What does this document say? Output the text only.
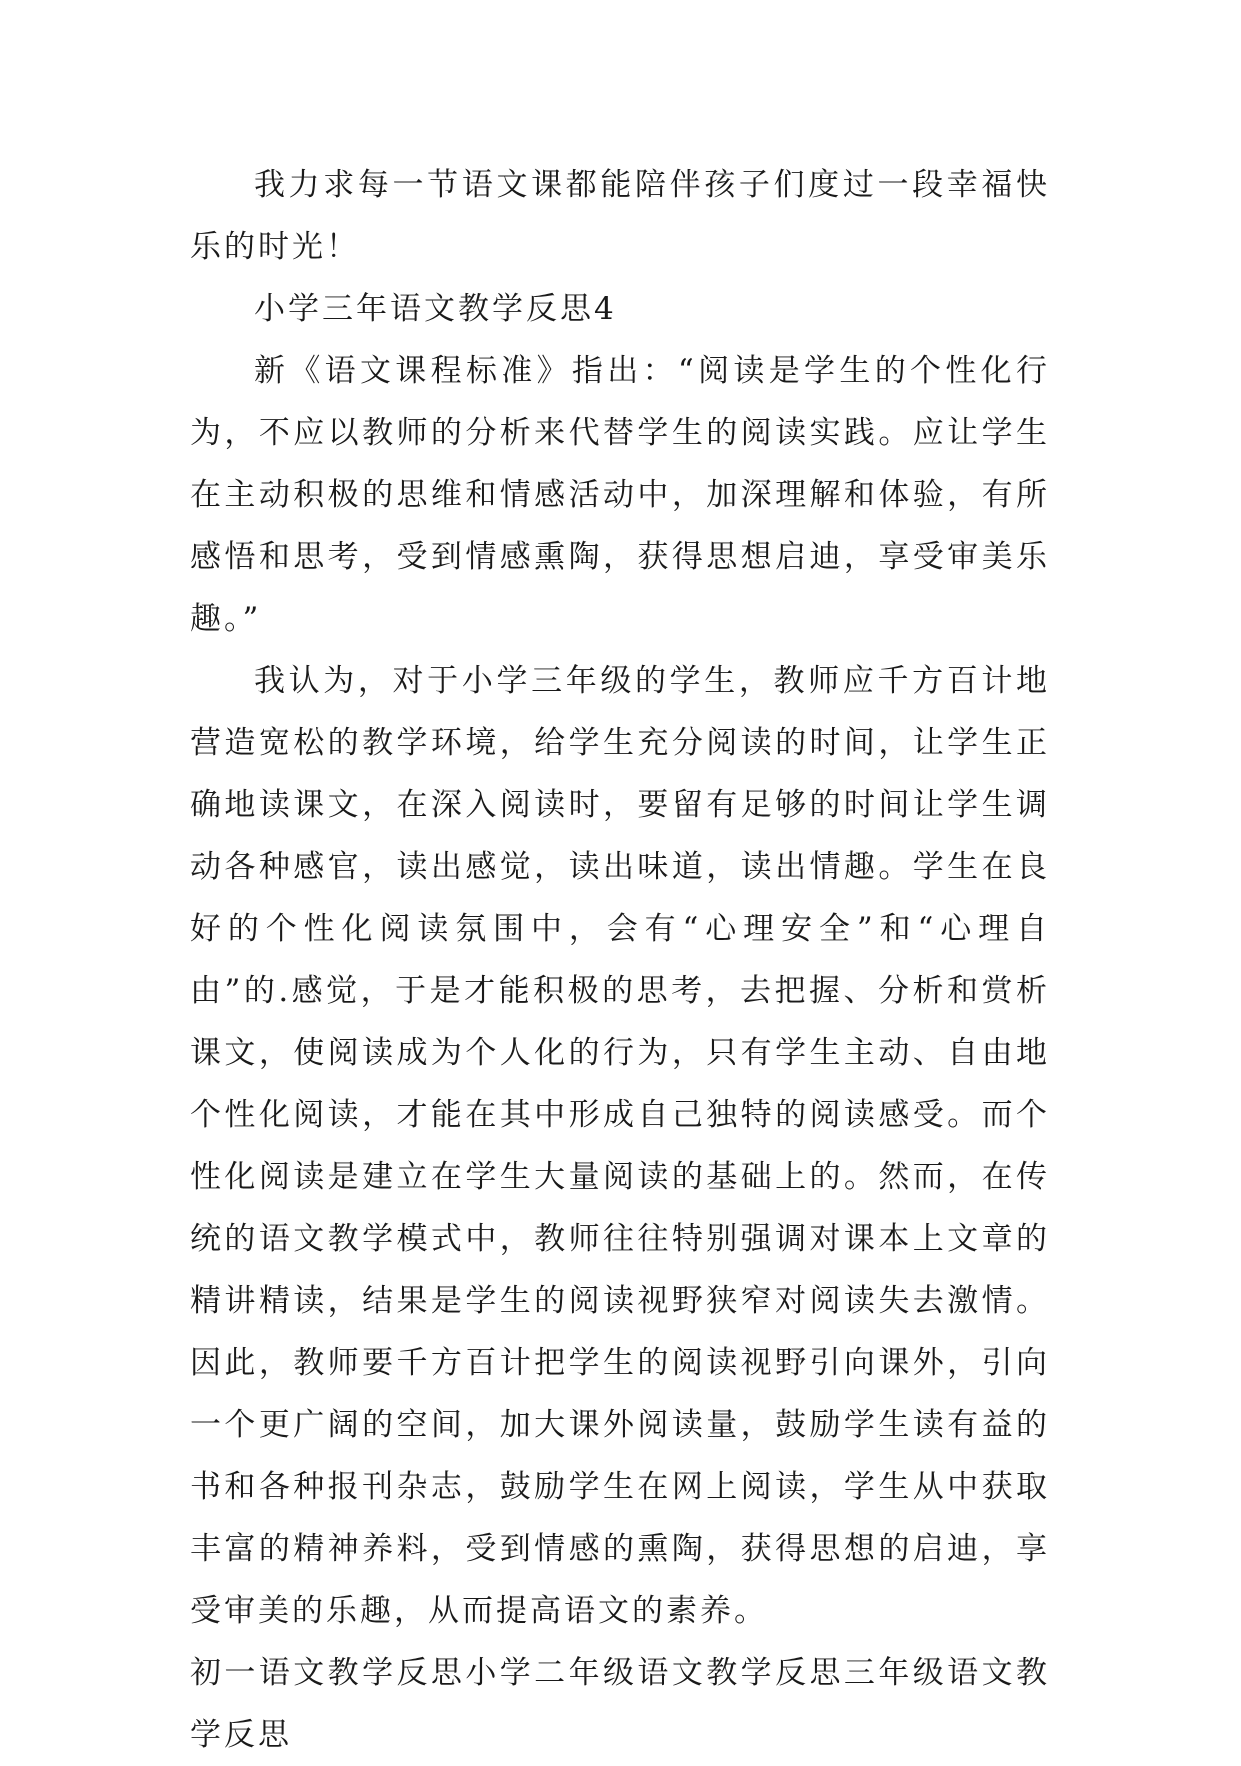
我力求每一节语文课都能陪伴孩子们度过一段幸福快乐的时光！

小学三年语文教学反思4

新《语文课程标准》指出：“阅读是学生的个性化行为，不应以教师的分析来代替学生的阅读实践。应让学生在主动积极的思维和情感活动中，加深理解和体验，有所感悟和思考，受到情感熏陶，获得思想启迪，享受审美乐趣。”

我认为，对于小学三年级的学生，教师应千方百计地营造宽松的教学环境，给学生充分阅读的时间，让学生正确地读课文，在深入阅读时，要留有足够的时间让学生调动各种感官，读出感觉，读出味道，读出情趣。学生在良好的个性化阅读氛围中，会有“心理安全”和“心理自由”的.感觉，于是才能积极的思考，去把握、分析和赏析课文，使阅读成为个人化的行为，只有学生主动、自由地个性化阅读，才能在其中形成自己独特的阅读感受。而个性化阅读是建立在学生大量阅读的基础上的。然而，在传统的语文教学模式中，教师往往特别强调对课本上文章的精讲精读，结果是学生的阅读视野狭窄对阅读失去激情。因此，教师要千方百计把学生的阅读视野引向课外，引向一个更广阔的空间，加大课外阅读量，鼓励学生读有益的书和各种报刊杂志，鼓励学生在网上阅读，学生从中获取丰富的精神养料，受到情感的熏陶，获得思想的启迪，享受审美的乐趣，从而提高语文的素养。

初一语文教学反思小学二年级语文教学反思三年级语文教学反思
